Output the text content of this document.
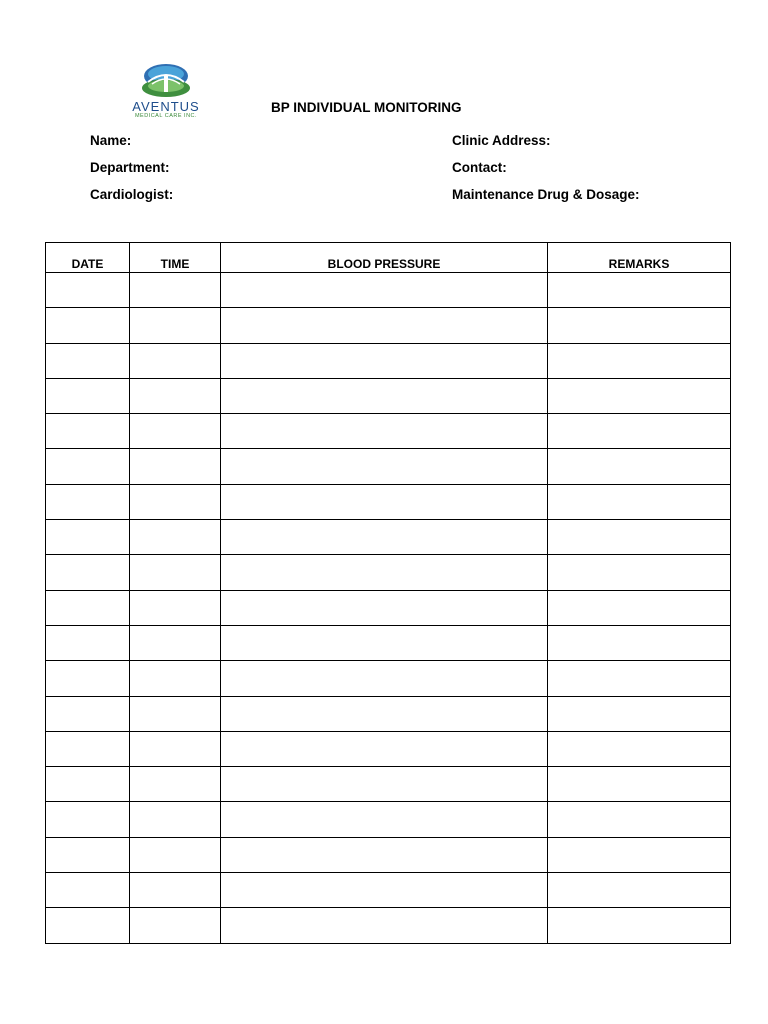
AVENTUS
MEDICAL CARE INC.
BP INDIVIDUAL MONITORING
Name:
Department:
Cardiologist:
Clinic Address:
Contact:
Maintenance Drug & Dosage:
DATE	TIME	BLOOD PRESSURE	REMARKS
